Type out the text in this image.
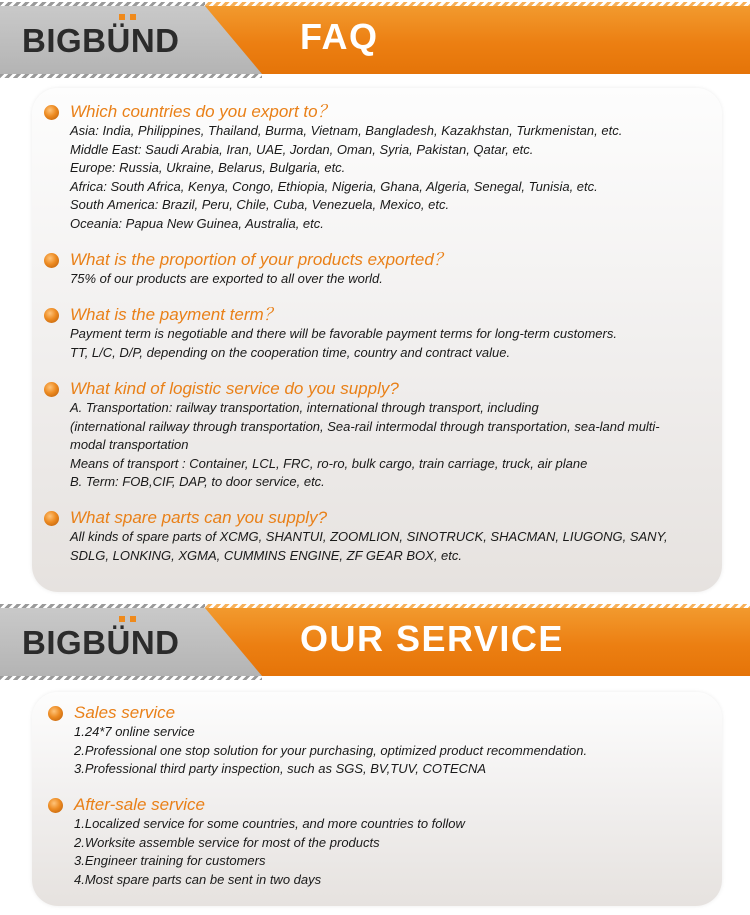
BIGBÜND	FAQ
Which countries do you export to？
Asia: India, Philippines, Thailand, Burma, Vietnam, Bangladesh, Kazakhstan, Turkmenistan, etc.
Middle East: Saudi Arabia, Iran, UAE, Jordan, Oman, Syria, Pakistan, Qatar, etc.
Europe: Russia, Ukraine, Belarus, Bulgaria, etc.
Africa: South Africa, Kenya, Congo, Ethiopia, Nigeria, Ghana, Algeria, Senegal, Tunisia, etc.
South America: Brazil, Peru, Chile, Cuba, Venezuela, Mexico, etc.
Oceania: Papua New Guinea, Australia, etc.
What is the proportion of your products exported？
75% of our products are exported to all over the world.
What is the payment term？
Payment term is negotiable and there will be favorable payment terms for long-term customers.
TT, L/C, D/P, depending on the cooperation time, country and contract value.
What kind of logistic service do you supply?
A. Transportation: railway transportation, international through transport, including
(international railway through transportation, Sea-rail intermodal through transportation, sea-land multi-
modal transportation
Means of transport : Container, LCL, FRC, ro-ro, bulk cargo, train carriage, truck, air plane
B. Term: FOB,CIF, DAP, to door service, etc.
What spare parts can you supply?
All kinds of spare parts of XCMG, SHANTUI, ZOOMLION, SINOTRUCK, SHACMAN, LIUGONG, SANY,
SDLG, LONKING, XGMA, CUMMINS ENGINE, ZF GEAR BOX, etc.
BIGBÜND	OUR SERVICE
Sales service
1.24*7 online service
2.Professional one stop solution for your purchasing, optimized product recommendation.
3.Professional third party inspection, such as SGS, BV,TUV, COTECNA
After-sale service
1.Localized service for some countries, and more countries to follow
2.Worksite assemble service for most of the products
3.Engineer training for customers
4.Most spare parts can be sent in two days
